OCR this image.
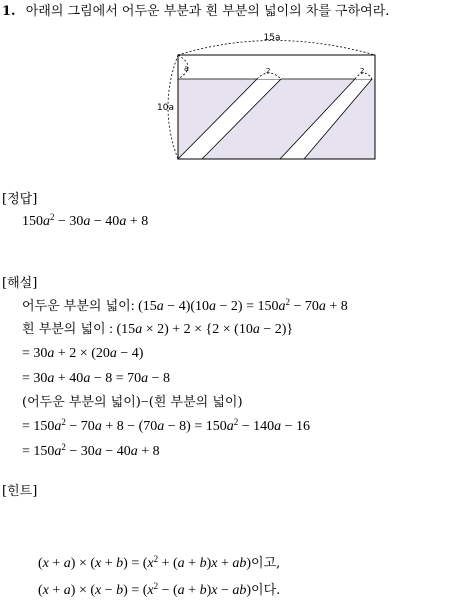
1. 아래의 그림에서 어두운 부분과 흰 부분의 넓이의 차를 구하여라.
15a
10a
a	2	2
[정답]
$150a^2 - 30a - 40a + 8$
[해설]
어두운 부분의 넓이: $(15a - 4)(10a - 2) = 150a^2 - 70a + 8$
흰 부분의 넓이 : (15a × 2) + 2 × {2 × (10a − 2)}
= 30a + 2 × (20a − 4)
= 30a + 40a − 8 = 70a − 8
(어두운 부분의 넓이)−(흰 부분의 넓이)
= $150a^2 - 70a + 8 - (70a - 8) = 150a^2 - 140a - 16$
= $150a^2 - 30a - 40a + 8$
[힌트]
$(x + a) \times (x + b) = (x^2 + (a + b)x + ab)$이고,
$(x + a) \times (x - b) = (x^2 - (a + b)x - ab)$이다.
